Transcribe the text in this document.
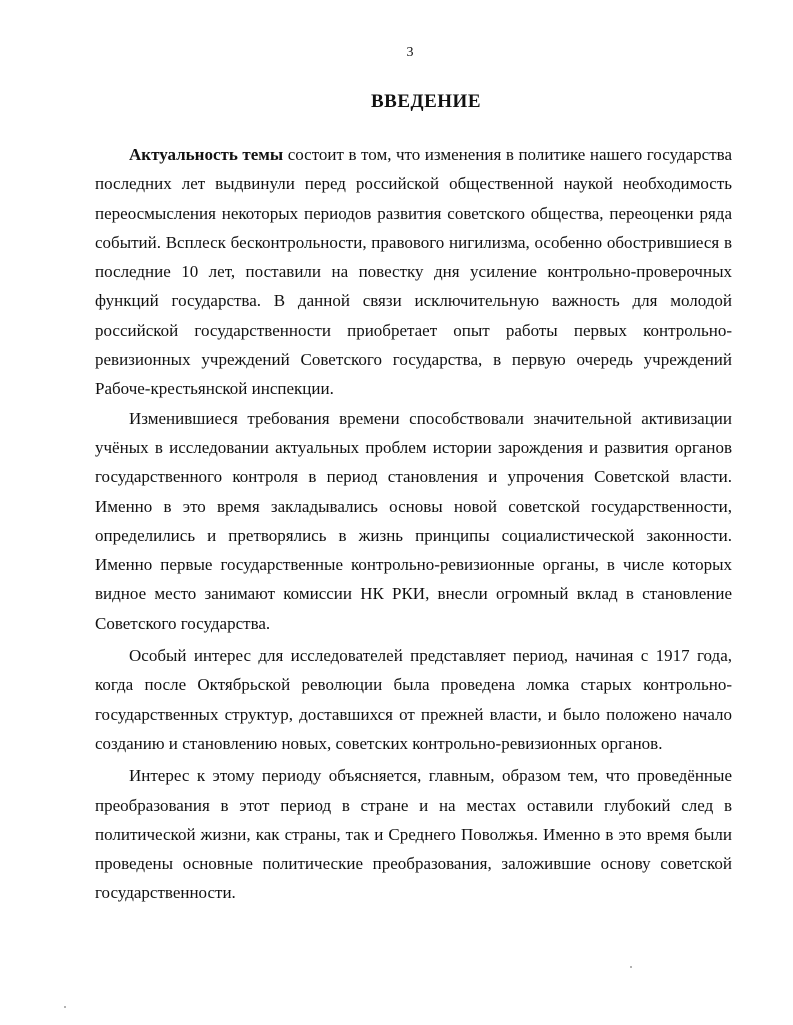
3
ВВЕДЕНИЕ

Актуальность темы состоит в том, что изменения в политике нашего государства последних лет выдвинули перед российской общественной наукой необходимость переосмысления некоторых периодов развития советского общества, переоценки ряда событий. Всплеск бесконтрольности, правового нигилизма, особенно обострившиеся в последние 10 лет, поставили на повестку дня усиление контрольно-проверочных функций государства. В данной связи исключительную важность для молодой российской государственности приобретает опыт работы первых контрольно-ревизионных учреждений Советского государства, в первую очередь учреждений Рабоче-крестьянской инспекции.

Изменившиеся требования времени способствовали значительной активизации учёных в исследовании актуальных проблем истории зарождения и развития органов государственного контроля в период становления и упрочения Советской власти. Именно в это время закладывались основы новой советской государственности, определились и претворялись в жизнь принципы социалистической законности. Именно первые государственные контрольно-ревизионные органы, в числе которых видное место занимают комиссии НК РКИ, внесли огромный вклад в становление Советского государства.

Особый интерес для исследователей представляет период, начиная с 1917 года, когда после Октябрьской революции была проведена ломка старых контрольно-государственных структур, доставшихся от прежней власти, и было положено начало созданию и становлению новых, советских контрольно-ревизионных органов.

Интерес к этому периоду объясняется, главным, образом тем, что проведённые преобразования в этот период в стране и на местах оставили глубокий след в политической жизни, как страны, так и Среднего Поволжья. Именно в это время были проведены основные политические преобразования, заложившие основу советской государственности.
